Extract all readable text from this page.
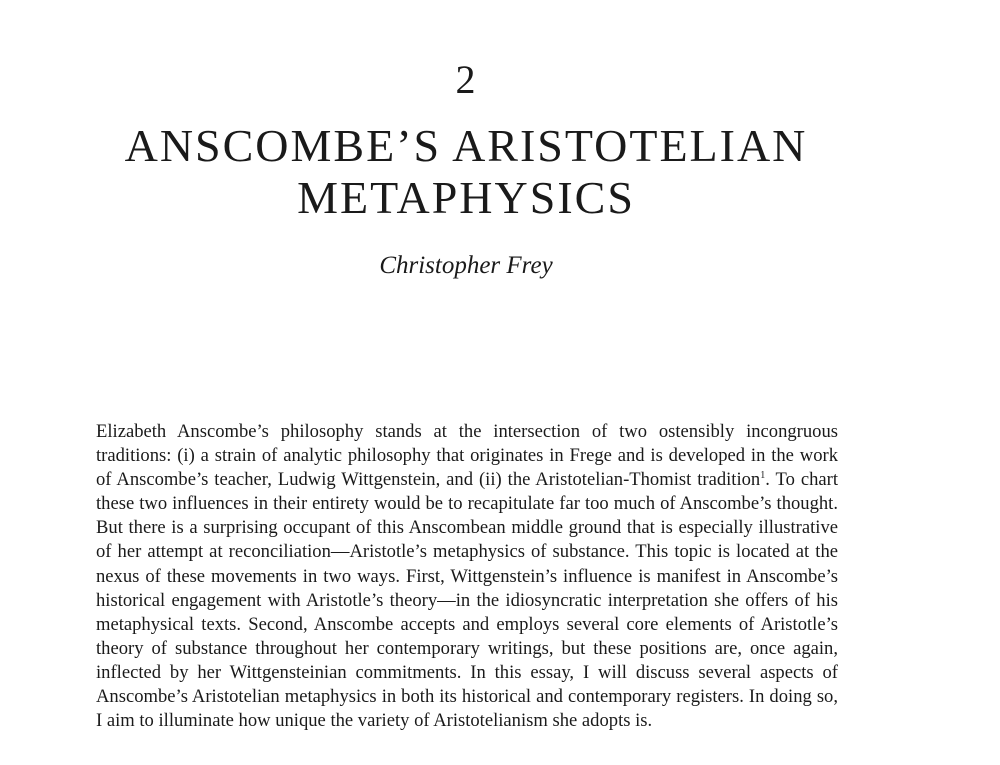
2
ANSCOMBE’S ARISTOTELIAN
METAPHYSICS
Christopher Frey

Elizabeth Anscombe’s philosophy stands at the intersection of two ostensibly incongruous traditions: (i) a strain of analytic philosophy that originates in Frege and is developed in the work of Anscombe’s teacher, Ludwig Wittgenstein, and (ii) the Aristotelian-Thomist tradition$^1$. To chart these two influences in their entirety would be to recapitulate far too much of Anscombe’s thought. But there is a surprising occupant of this Anscombean middle ground that is especially illustrative of her attempt at reconciliation—Aristotle’s metaphysics of substance. This topic is located at the nexus of these movements in two ways. First, Wittgenstein’s influence is manifest in Anscombe’s historical engagement with Aristotle’s theory—in the idiosyncratic interpretation she offers of his metaphysical texts. Second, Anscombe accepts and employs several core elements of Aristotle’s theory of substance throughout her contemporary writings, but these positions are, once again, inflected by her Wittgensteinian commitments. In this essay, I will discuss several aspects of Anscombe’s Aristotelian metaphysics in both its historical and contemporary registers. In doing so, I aim to illuminate how unique the variety of Aristotelianism she adopts is.
